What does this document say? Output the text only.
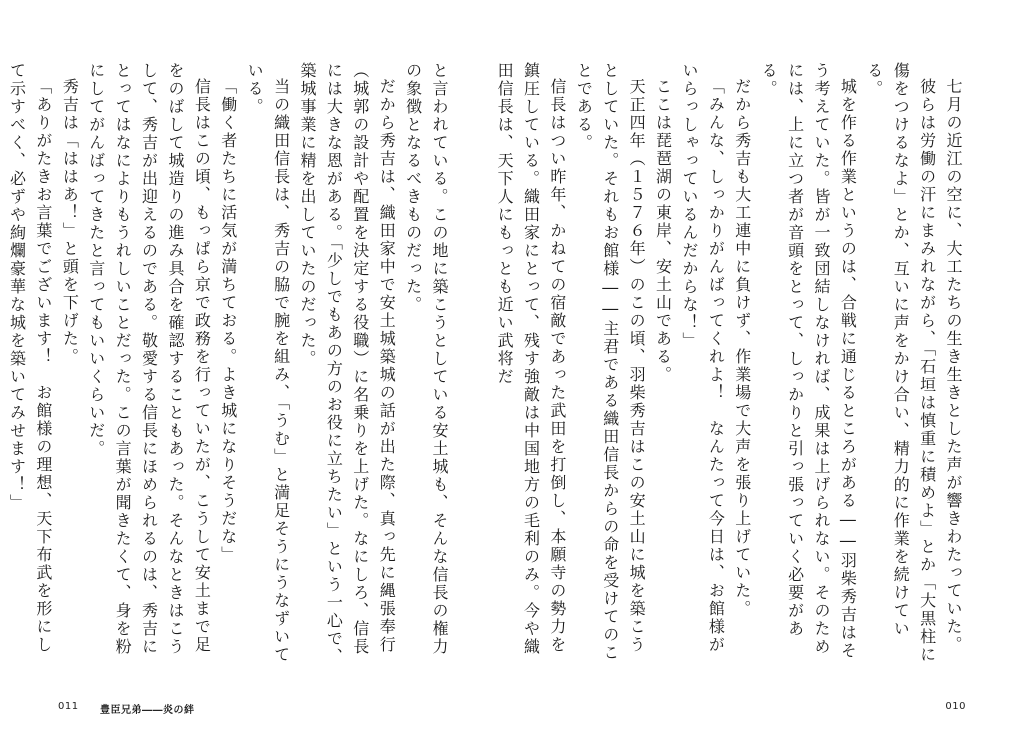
と言われている。この地に築こうとしている安土城も、そんな信長の権力の象徴となるべきものだった。

だから秀吉は、織田家中で安土城築城の話が出た際、真っ先に縄張奉行（城郭の設計や配置を決定する役職）に名乗りを上げた。なにしろ、信長には大きな恩がある。「少しでもあの方のお役に立ちたい」という一心で、築城事業に精を出していたのだった。

当の織田信長は、秀吉の脇で腕を組み、「うむ」と満足そうにうなずいている。

「働く者たちに活気が満ちておる。よき城になりそうだな」

信長はこの頃、もっぱら京で政務を行っていたが、こうして安土まで足をのばして城造りの進み具合を確認することもあった。そんなときはこうして、秀吉が出迎えるのである。敬愛する信長にほめられるのは、秀吉にとってはなによりもうれしいことだった。この言葉が聞きたくて、身を粉にしてがんばってきたと言ってもいいくらいだ。

秀吉は「ははあ！」と頭を下げた。

「ありがたきお言葉でございます！　お館様の理想、天下布武を形にして示すべく、必ずや絢爛豪華な城を築いてみせます！」

011 豊臣兄弟――炎の絆

七月の近江の空に、大工たちの生き生きとした声が響きわたっていた。

彼らは労働の汗にまみれながら、「石垣は慎重に積めよ」とか「大黒柱に傷をつけるなよ」とか、互いに声をかけ合い、精力的に作業を続けている。

城を作る作業というのは、合戦に通じるところがある――羽柴秀吉はそう考えていた。皆が一致団結しなければ、成果は上げられない。そのためには、上に立つ者が音頭をとって、しっかりと引っ張っていく必要がある。

だから秀吉も大工連中に負けず、作業場で大声を張り上げていた。

「みんな、しっかりがんばってくれよ！　なんたって今日は、お館様がいらっしゃっているんだからな！」

ここは琵琶湖の東岸、安土山である。

天正四年（１５７６年）のこの頃、羽柴秀吉はこの安土山に城を築こうとしていた。それもお館様――主君である織田信長からの命を受けてのことである。

信長はつい昨年、かねての宿敵であった武田を打倒し、本願寺の勢力を鎮圧している。織田家にとって、残す強敵は中国地方の毛利のみ。今や織田信長は、天下人にもっとも近い武将だ

010
